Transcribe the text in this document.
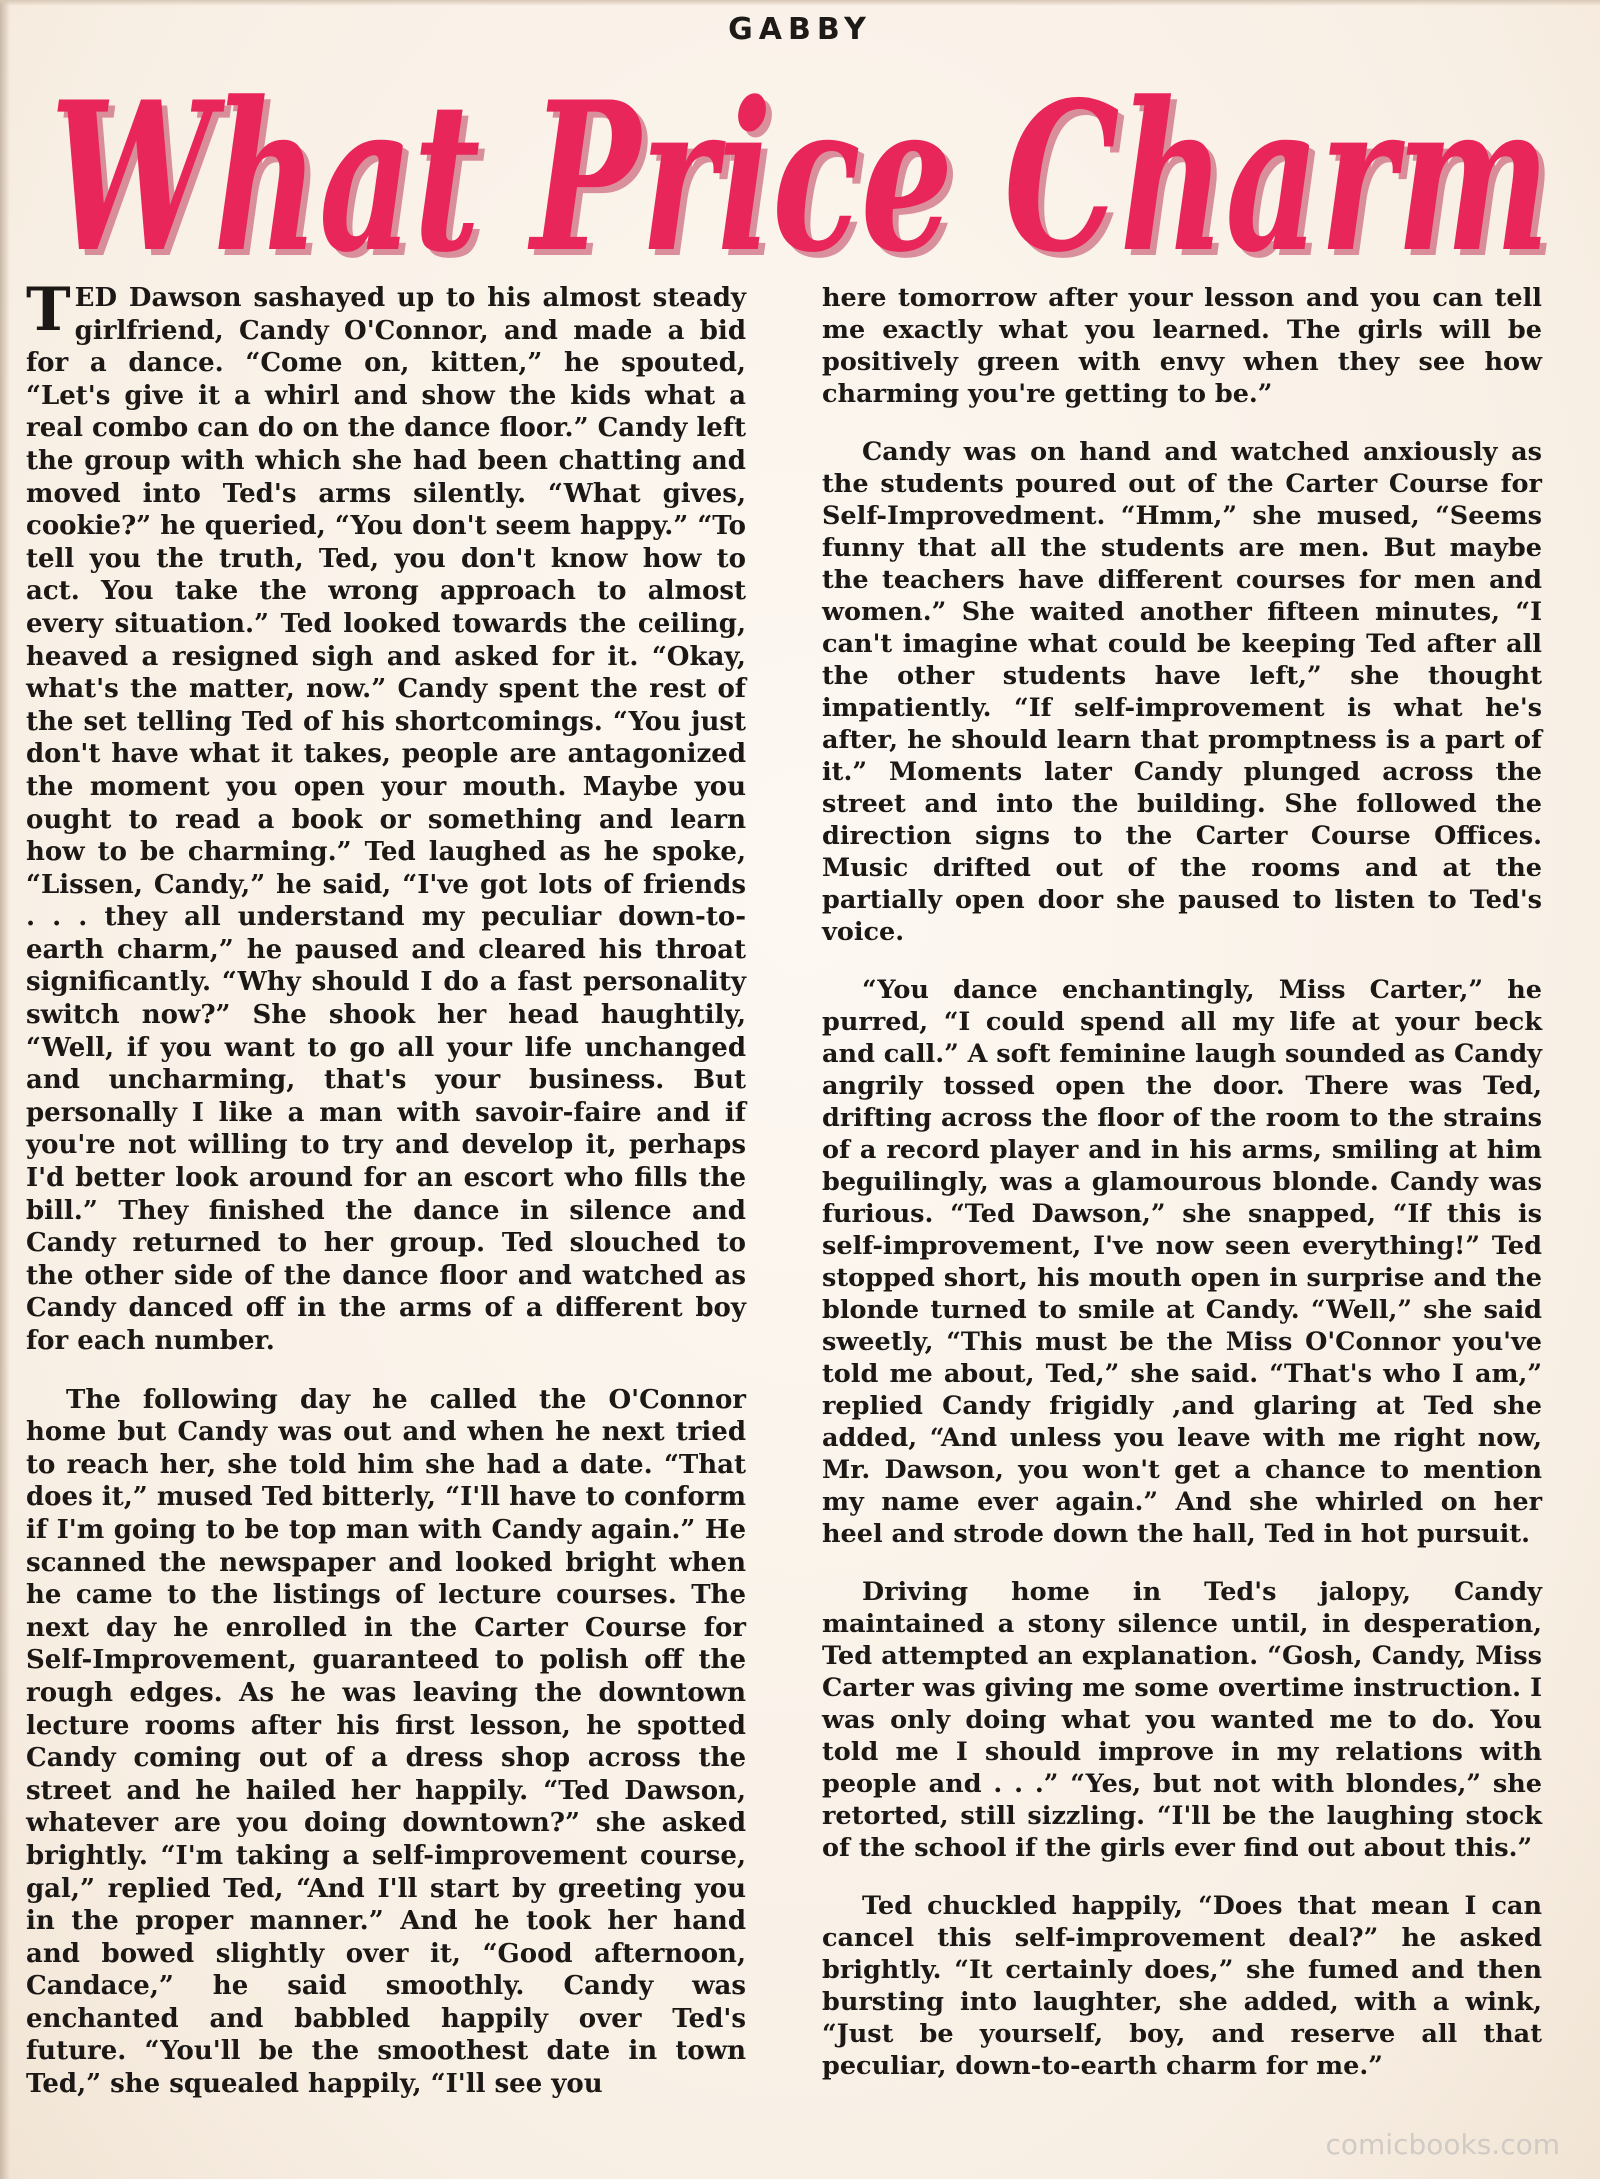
GABBY
What Price Charm
What Price Charm

TED Dawson sashayed up to his almost steady girlfriend, Candy O'Connor, and made a bid for a dance. “Come on, kitten,” he spouted, “Let's give it a whirl and show the kids what a real combo can do on the dance floor.” Candy left the group with which she had been chatting and moved into Ted's arms silently. “What gives, cookie?” he queried, “You don't seem happy.” “To tell you the truth, Ted, you don't know how to act. You take the wrong approach to almost every situation.” Ted looked towards the ceiling, heaved a resigned sigh and asked for it. “Okay, what's the matter, now.” Candy spent the rest of the set telling Ted of his shortcomings. “You just don't have what it takes, people are antagonized the moment you open your mouth. Maybe you ought to read a book or something and learn how to be charming.” Ted laughed as he spoke, “Lissen, Candy,” he said, “I've got lots of friends . . . they all understand my peculiar down-to-earth charm,” he paused and cleared his throat significantly. “Why should I do a fast personality switch now?” She shook her head haughtily, “Well, if you want to go all your life unchanged and uncharming, that's your business. But personally I like a man with savoir-faire and if you're not willing to try and develop it, perhaps I'd better look around for an escort who fills the bill.” They finished the dance in silence and Candy returned to her group. Ted slouched to the other side of the dance floor and watched as Candy danced off in the arms of a different boy for each number.

The following day he called the O'Connor home but Candy was out and when he next tried to reach her, she told him she had a date. “That does it,” mused Ted bitterly, “I'll have to conform if I'm going to be top man with Candy again.” He scanned the newspaper and looked bright when he came to the listings of lecture courses. The next day he enrolled in the Carter Course for Self-Improvement, guaranteed to polish off the rough edges. As he was leaving the downtown lecture rooms after his first lesson, he spotted Candy coming out of a dress shop across the street and he hailed her happily. “Ted Dawson, whatever are you doing downtown?” she asked brightly. “I'm taking a self-improvement course, gal,” replied Ted, “And I'll start by greeting you in the proper manner.” And he took her hand and bowed slightly over it, “Good afternoon, Candace,” he said smoothly. Candy was enchanted and babbled happily over Ted's future. “You'll be the smoothest date in town Ted,” she squealed happily, “I'll see you

here tomorrow after your lesson and you can tell me exactly what you learned. The girls will be positively green with envy when they see how charming you're getting to be.”

Candy was on hand and watched anxiously as the students poured out of the Carter Course for Self-Improvedment. “Hmm,” she mused, “Seems funny that all the students are men. But maybe the teachers have different courses for men and women.” She waited another fifteen minutes, “I can't imagine what could be keeping Ted after all the other students have left,” she thought impatiently. “If self-improvement is what he's after, he should learn that promptness is a part of it.” Moments later Candy plunged across the street and into the building. She followed the direction signs to the Carter Course Offices. Music drifted out of the rooms and at the partially open door she paused to listen to Ted's voice.

“You dance enchantingly, Miss Carter,” he purred, “I could spend all my life at your beck and call.” A soft feminine laugh sounded as Candy angrily tossed open the door. There was Ted, drifting across the floor of the room to the strains of a record player and in his arms, smiling at him beguilingly, was a glamourous blonde. Candy was furious. “Ted Dawson,” she snapped, “If this is self-improvement, I've now seen everything!” Ted stopped short, his mouth open in surprise and the blonde turned to smile at Candy. “Well,” she said sweetly, “This must be the Miss O'Connor you've told me about, Ted,” she said. “That's who I am,” replied Candy frigidly ,and glaring at Ted she added, “And unless you leave with me right now, Mr. Dawson, you won't get a chance to mention my name ever again.” And she whirled on her heel and strode down the hall, Ted in hot pursuit.

Driving home in Ted's jalopy, Candy maintained a stony silence until, in desperation, Ted attempted an explanation. “Gosh, Candy, Miss Carter was giving me some overtime instruction. I was only doing what you wanted me to do. You told me I should improve in my relations with people and . . .” “Yes, but not with blondes,” she retorted, still sizzling. “I'll be the laughing stock of the school if the girls ever find out about this.”

Ted chuckled happily, “Does that mean I can cancel this self-improvement deal?” he asked brightly. “It certainly does,” she fumed and then bursting into laughter, she added, with a wink, “Just be yourself, boy, and reserve all that peculiar, down-to-earth charm for me.”

comicbooks.com
